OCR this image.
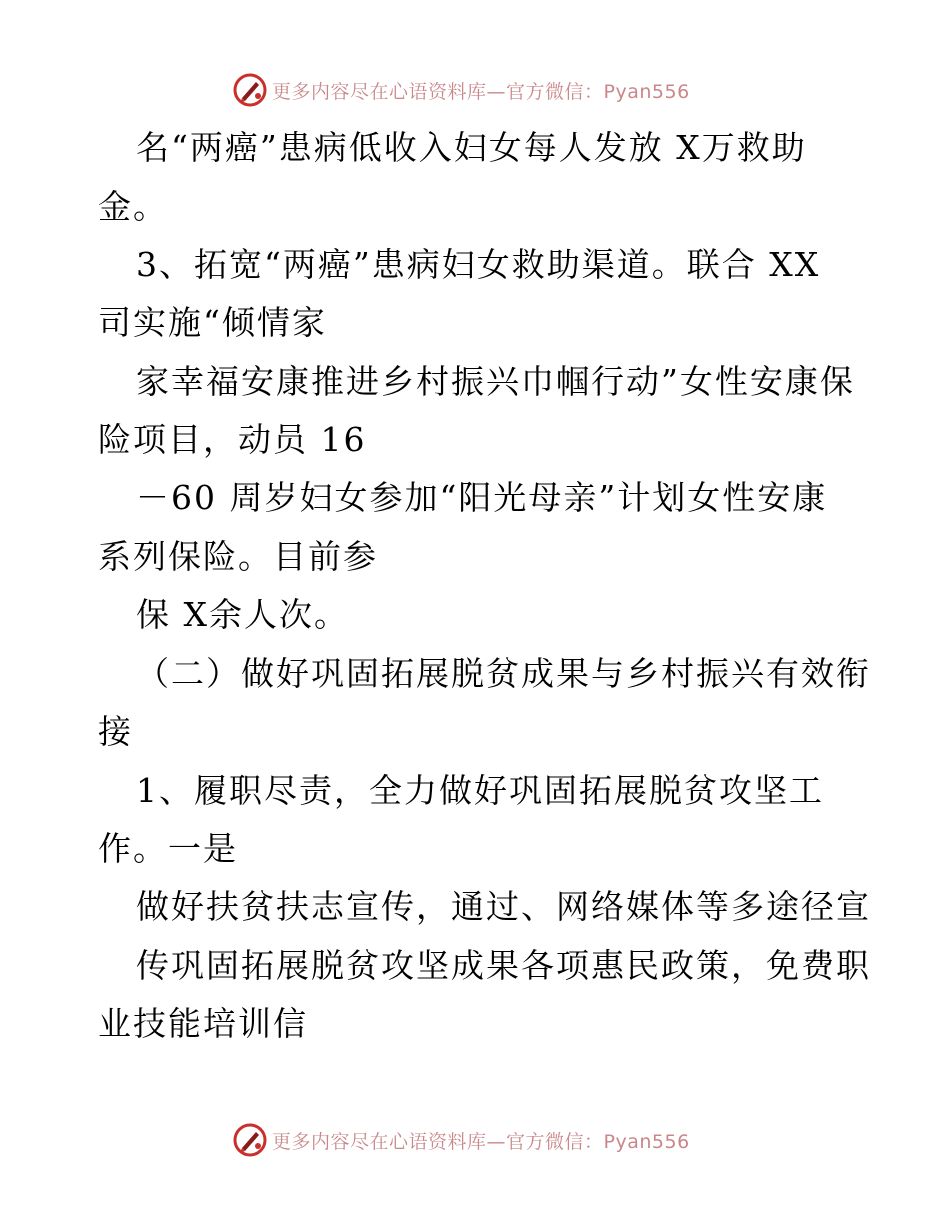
更多内容尽在心语资料库—官方微信：Pyan556
名“两癌”患病低收入妇女每人发放 X万救助
金。
3、拓宽“两癌”患病妇女救助渠道。联合 XX
司实施“倾情家
家幸福安康推进乡村振兴巾帼行动”女性安康保
险项目，动员 16
－60 周岁妇女参加“阳光母亲”计划女性安康
系列保险。目前参
保 X余人次。
（二）做好巩固拓展脱贫成果与乡村振兴有效衔
接
1、履职尽责，全力做好巩固拓展脱贫攻坚工
作。一是
做好扶贫扶志宣传，通过、网络媒体等多途径宣
传巩固拓展脱贫攻坚成果各项惠民政策，免费职
业技能培训信
更多内容尽在心语资料库—官方微信：Pyan556
